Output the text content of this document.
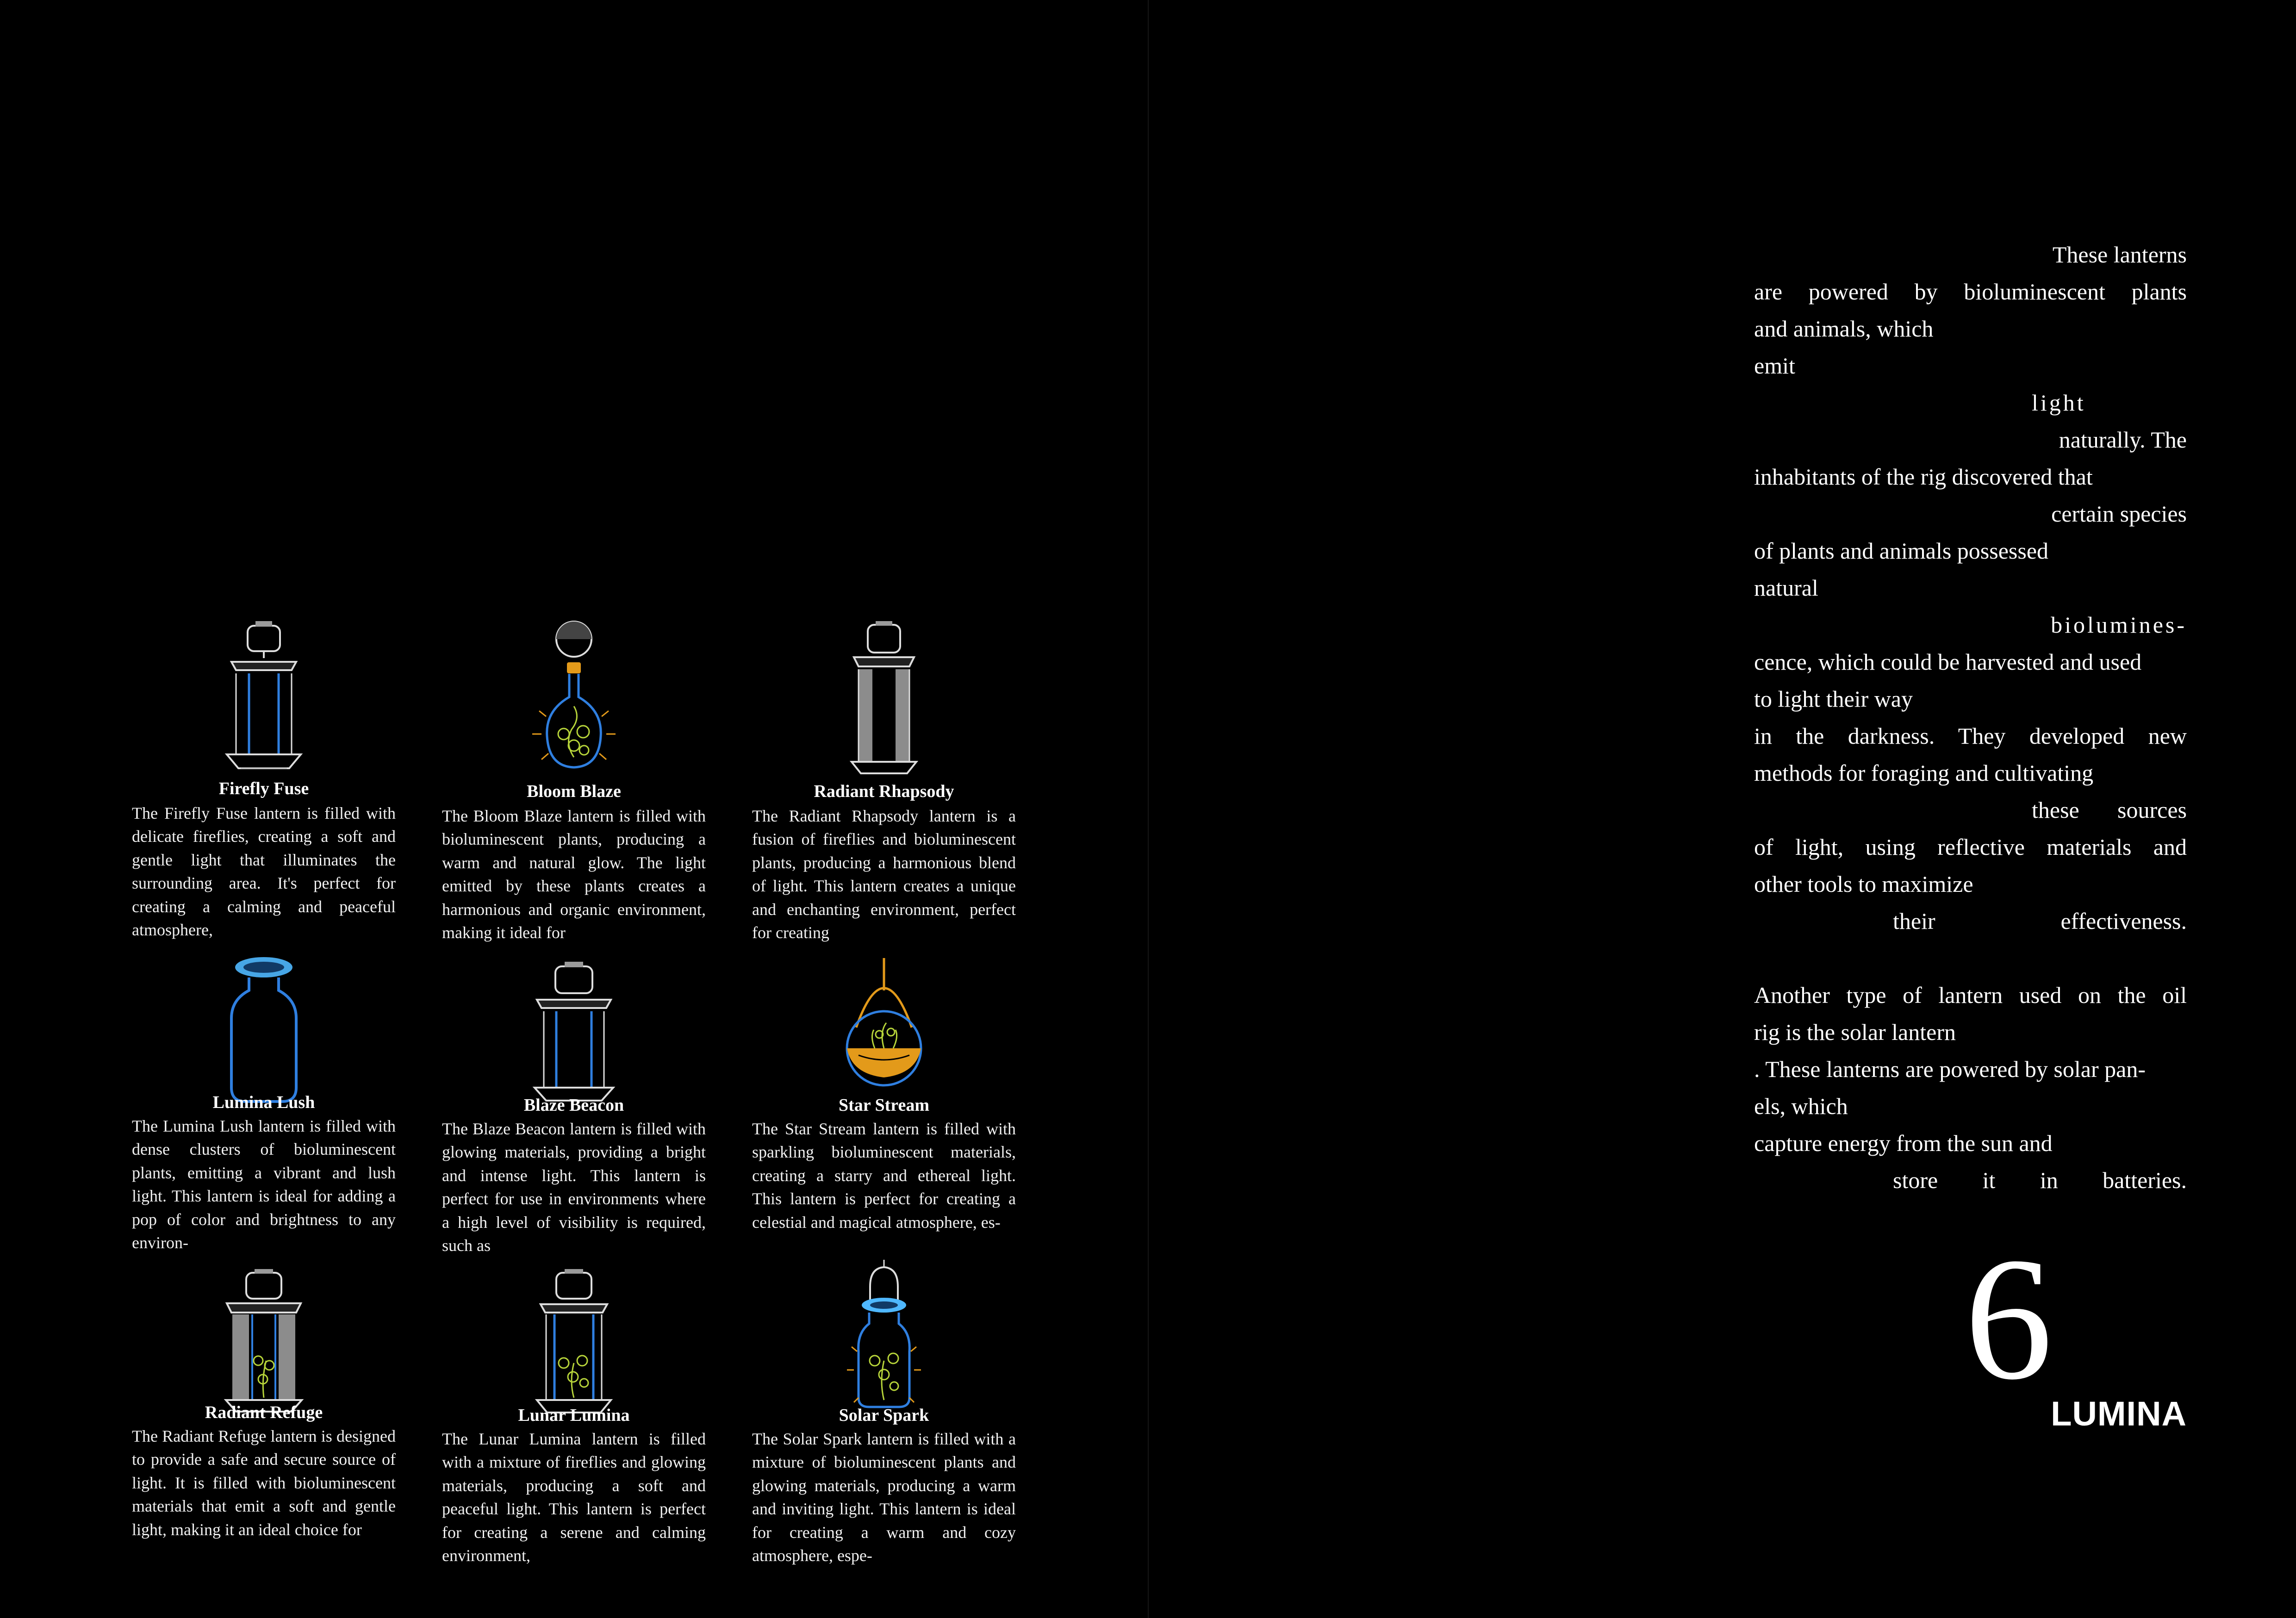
Firefly Fuse
The Firefly Fuse lantern is filled with delicate fireflies, creating a soft and gentle light that illuminates the surrounding area. It's perfect for creating a calming and peaceful atmosphere,
Bloom Blaze
The Bloom Blaze lantern is filled with bioluminescent plants, producing a warm and natural glow. The light emitted by these plants creates a harmonious and organic environment, making it ideal for
Radiant Rhapsody
The Radiant Rhapsody lantern is a fusion of fireflies and bioluminescent plants, producing a harmonious blend of light. This lantern creates a unique and enchanting environment, perfect for creating
Lumina Lush
The Lumina Lush lantern is filled with dense clusters of bioluminescent plants, emitting a vibrant and lush light. This lantern is ideal for adding a pop of color and brightness to any environ-
Blaze Beacon
The Blaze Beacon lantern is filled with glowing materials, providing a bright and intense light. This lantern is perfect for use in environments where a high level of visibility is required, such as
Star Stream
The Star Stream lantern is filled with sparkling bioluminescent materials, creating a starry and ethereal light. This lantern is perfect for creating a celestial and magical atmosphere, es-
Radiant Refuge
The Radiant Refuge lantern is designed to provide a safe and secure source of light. It is filled with bioluminescent materials that emit a soft and gentle light, making it an ideal choice for
Lunar Lumina
The Lunar Lumina lantern is filled with a mixture of fireflies and glowing materials, producing a soft and peaceful light. This lantern is perfect for creating a serene and calming environment,
Solar Spark
The Solar Spark lantern is filled with a mixture of bioluminescent plants and glowing materials, producing a warm and inviting light. This lantern is ideal for creating a warm and cozy atmosphere, espe-
These lanterns
are powered by bioluminescent plants
and animals, which
emit
light
naturally. The
inhabitants of the rig discovered that
certain species
of plants and animals possessed
natural
biolumines-
cence, which could be harvested and used
to light their way
in the darkness. They developed new
methods for foraging and cultivating
these sources
of light, using reflective materials and
other tools to maximize
their effectiveness.
Another type of lantern used on the oil
rig is the solar lantern
. These lanterns are powered by solar pan-
els, which
capture energy from the sun and
store it in batteries.
6
LUMINA
